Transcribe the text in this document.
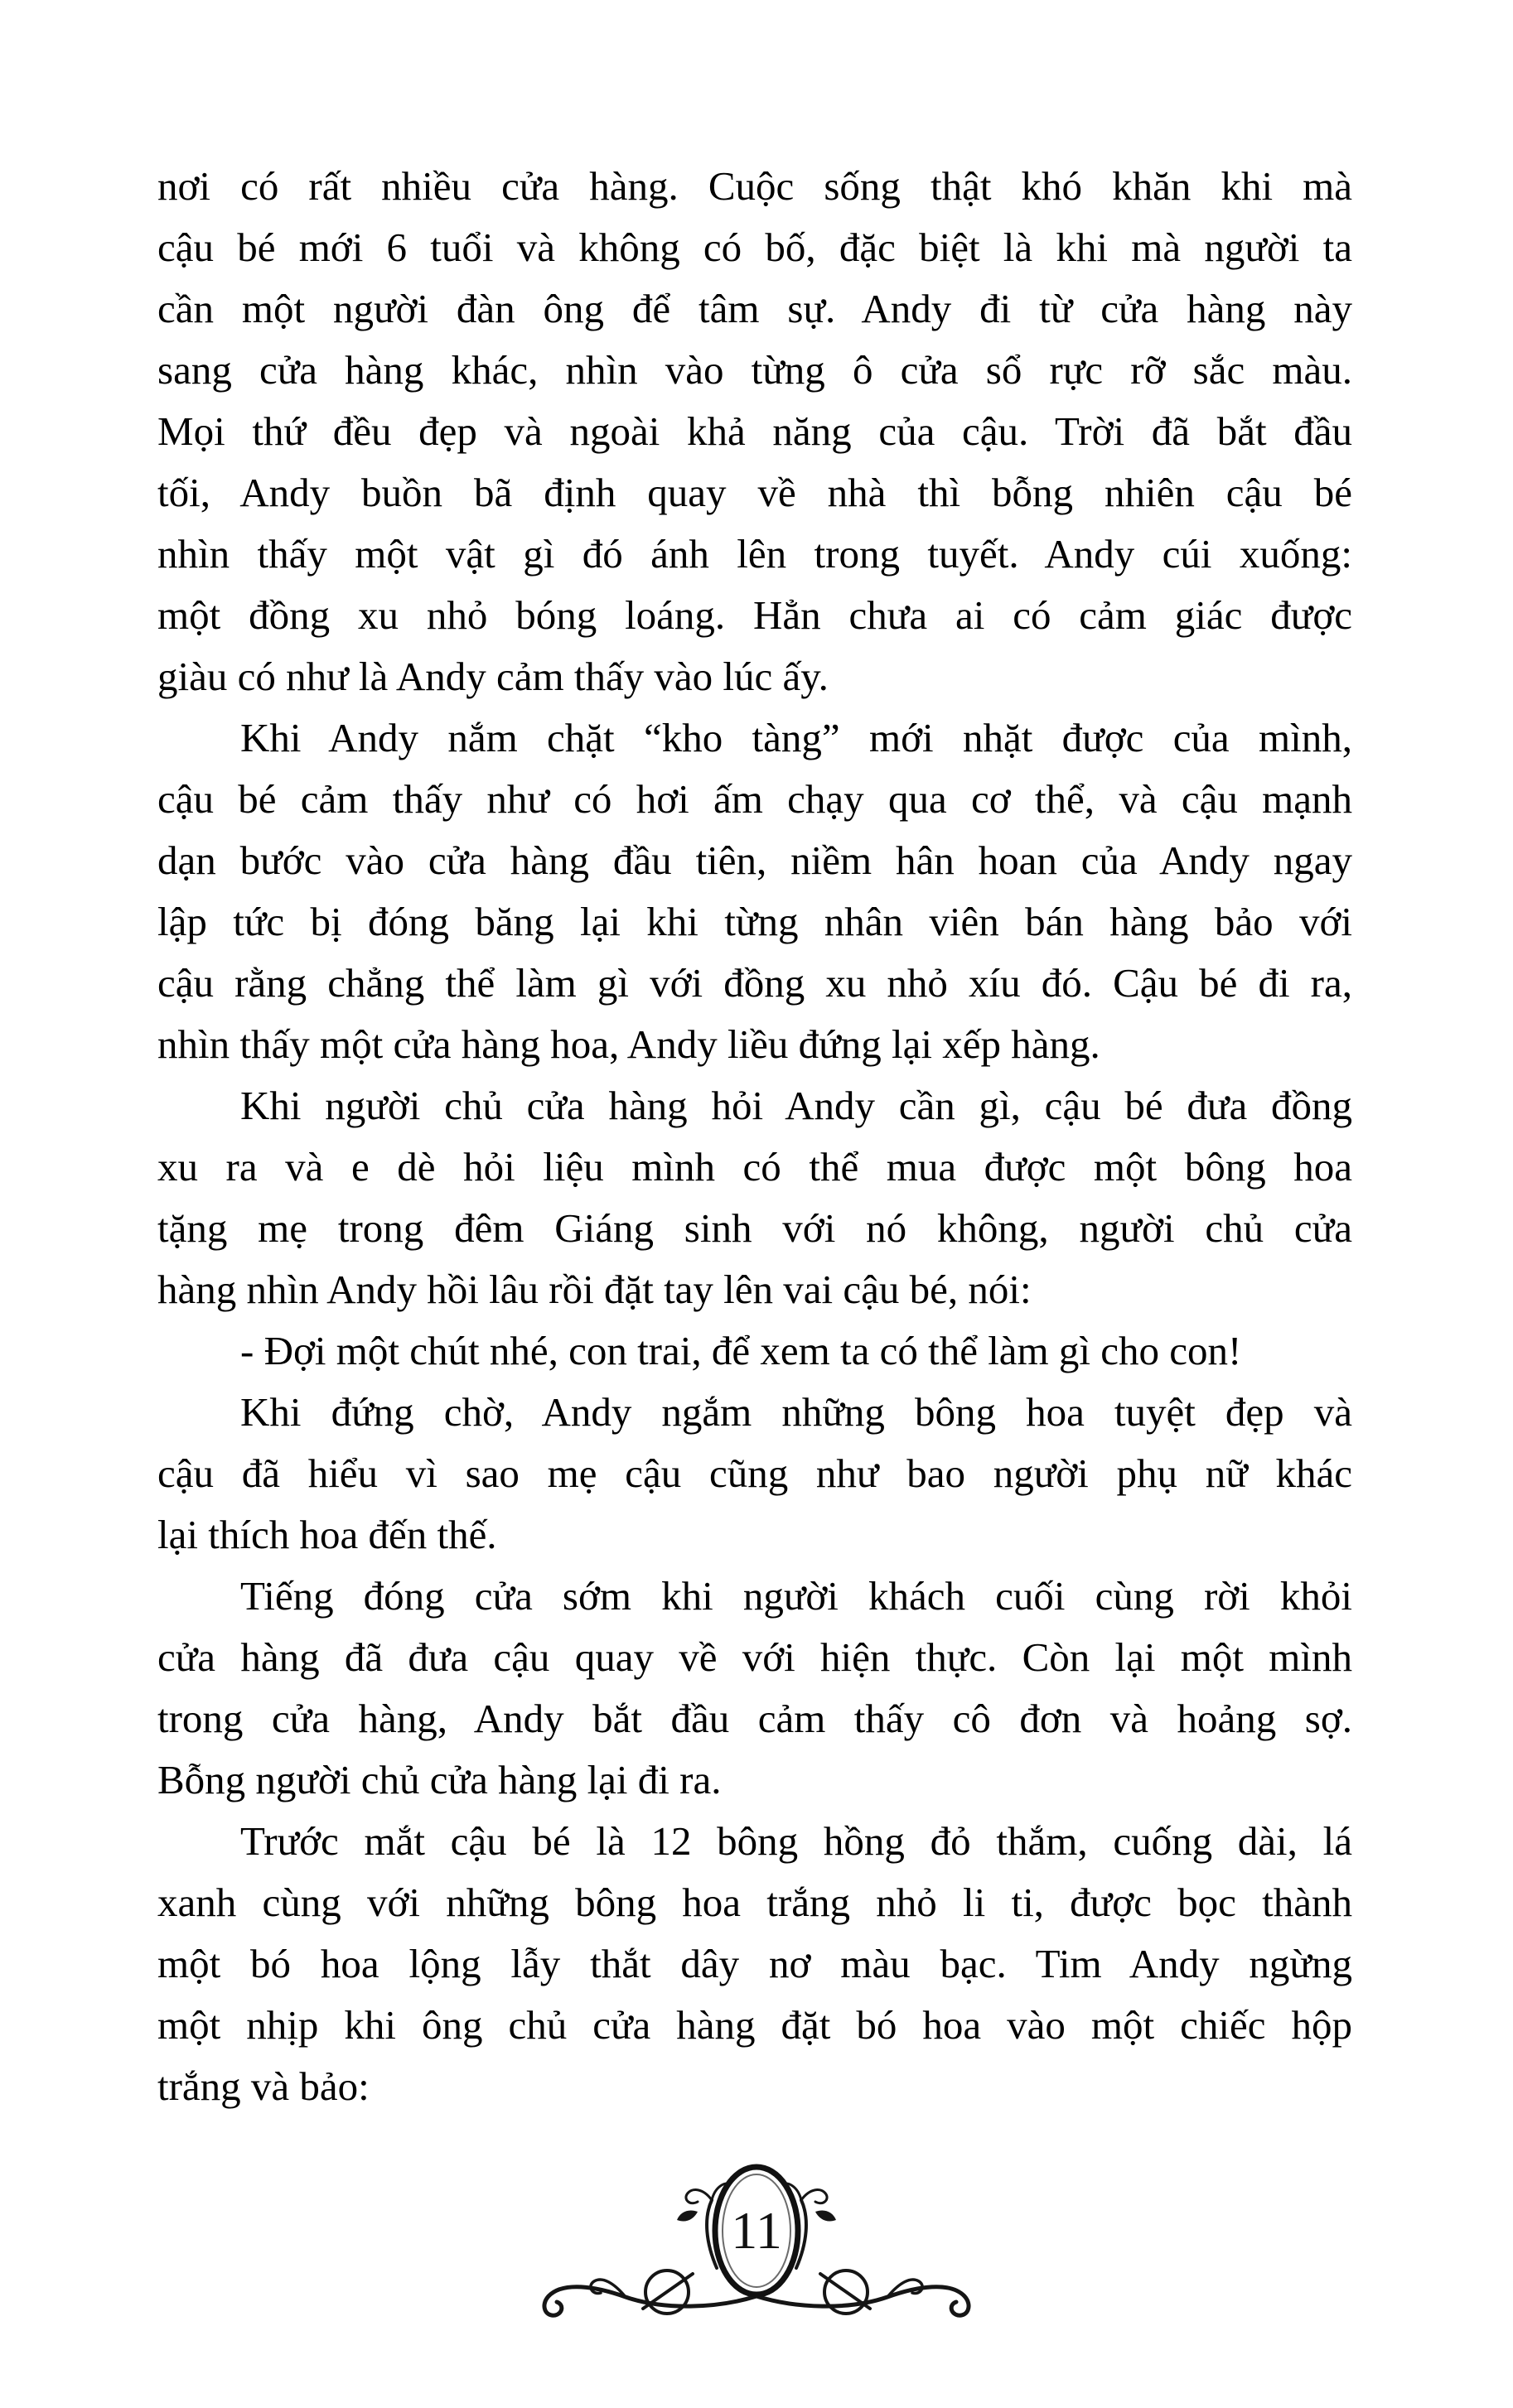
nơi có rất nhiều cửa hàng. Cuộc sống thật khó khăn khi mà
cậu bé mới 6 tuổi và không có bố, đặc biệt là khi mà người ta
cần một người đàn ông để tâm sự. Andy đi từ cửa hàng này
sang cửa hàng khác, nhìn vào từng ô cửa sổ rực rỡ sắc màu.
Mọi thứ đều đẹp và ngoài khả năng của cậu. Trời đã bắt đầu
tối, Andy buồn bã định quay về nhà thì bỗng nhiên cậu bé
nhìn thấy một vật gì đó ánh lên trong tuyết. Andy cúi xuống:
một đồng xu nhỏ bóng loáng. Hẳn chưa ai có cảm giác được
giàu có như là Andy cảm thấy vào lúc ấy.

Khi Andy nắm chặt “kho tàng” mới nhặt được của mình,
cậu bé cảm thấy như có hơi ấm chạy qua cơ thể, và cậu mạnh
dạn bước vào cửa hàng đầu tiên, niềm hân hoan của Andy ngay
lập tức bị đóng băng lại khi từng nhân viên bán hàng bảo với
cậu rằng chẳng thể làm gì với đồng xu nhỏ xíu đó. Cậu bé đi ra,
nhìn thấy một cửa hàng hoa, Andy liều đứng lại xếp hàng.

Khi người chủ cửa hàng hỏi Andy cần gì, cậu bé đưa đồng
xu ra và e dè hỏi liệu mình có thể mua được một bông hoa
tặng mẹ trong đêm Giáng sinh với nó không, người chủ cửa
hàng nhìn Andy hồi lâu rồi đặt tay lên vai cậu bé, nói:

- Đợi một chút nhé, con trai, để xem ta có thể làm gì cho con!

Khi đứng chờ, Andy ngắm những bông hoa tuyệt đẹp và
cậu đã hiểu vì sao mẹ cậu cũng như bao người phụ nữ khác
lại thích hoa đến thế.

Tiếng đóng cửa sớm khi người khách cuối cùng rời khỏi
cửa hàng đã đưa cậu quay về với hiện thực. Còn lại một mình
trong cửa hàng, Andy bắt đầu cảm thấy cô đơn và hoảng sợ.
Bỗng người chủ cửa hàng lại đi ra.

Trước mắt cậu bé là 12 bông hồng đỏ thắm, cuống dài, lá
xanh cùng với những bông hoa trắng nhỏ li ti, được bọc thành
một bó hoa lộng lẫy thắt dây nơ màu bạc. Tim Andy ngừng
một nhịp khi ông chủ cửa hàng đặt bó hoa vào một chiếc hộp
trắng và bảo:

11
